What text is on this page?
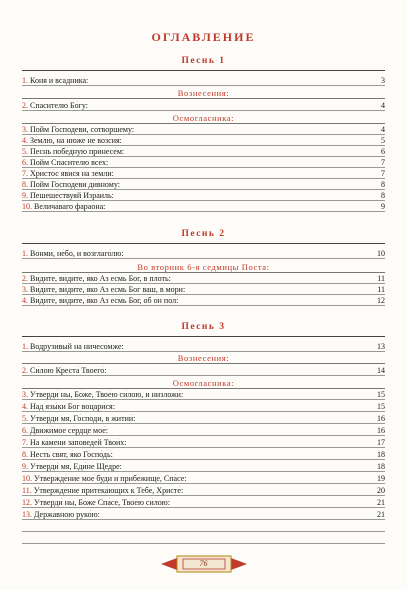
ОГЛАВЛЕНИЕ
Песнь 1
1. Коня и всадника:	3
Вознесения:
2. Спасителю Бо́гу:	4
Осмогласника:
3. Пойм Го́сподеви, сотворшему:	4
4. Зе́млю, на нюже не возсия:	5
5. Песнь побе́дную принесе́м:	6
6. Пойм Спасителю всех:	7
7. Христо́с явися на земли:	7
8. Пойм Го́сподеви ди́вному:	8
9. Пешеше́ствуяй Изра́иль:	8
10. Велича́ваго фарао́на:	9
Песнь 2
1. Вонми́, не́бо, и возглаго́лю:	10
Во вторник 6-я седмицы Поста:
2. Ви́дите, ви́дите, я́ко Аз есмь Бог, в плоть:	11
3. Ви́дите, ви́дите, я́ко Аз есмь Бог ваш, в мо́ри:	11
4. Ви́дите, ви́дите, я́ко Аз есмь Бог, об он пол:	12
Песнь 3
1. Водрузи́вый на ничесо́мже:	13
Вознесения:
2. Си́лою Креста́ Твоего́:	14
Осмогласника:
3. Утверди́ ны, Бо́же, Твое́ю си́лою, и низложи́:	15
4. Над язы́ки Бог воцари́ся:	15
5. Утверди мя, Го́споди, в житии́:	16
6. Движи́мое се́рдце мое́:	16
7. На ка́мени за́поведей Твои́х:	17
8. Несть свят, я́ко Госпо́дь:	18
9. Утверди́ мя, Еди́не Ще́дре:	18
10. Утвержде́ние мое́ буди и прибе́жище, Спа́се:	19
11. Утвержде́ние притека́ющих к Тебе́, Христе́:	20
12. Утверди́ ны, Бо́же Спа́се, Твое́ю си́лою:	21
13. Держа́вною руко́ю:	21
76
